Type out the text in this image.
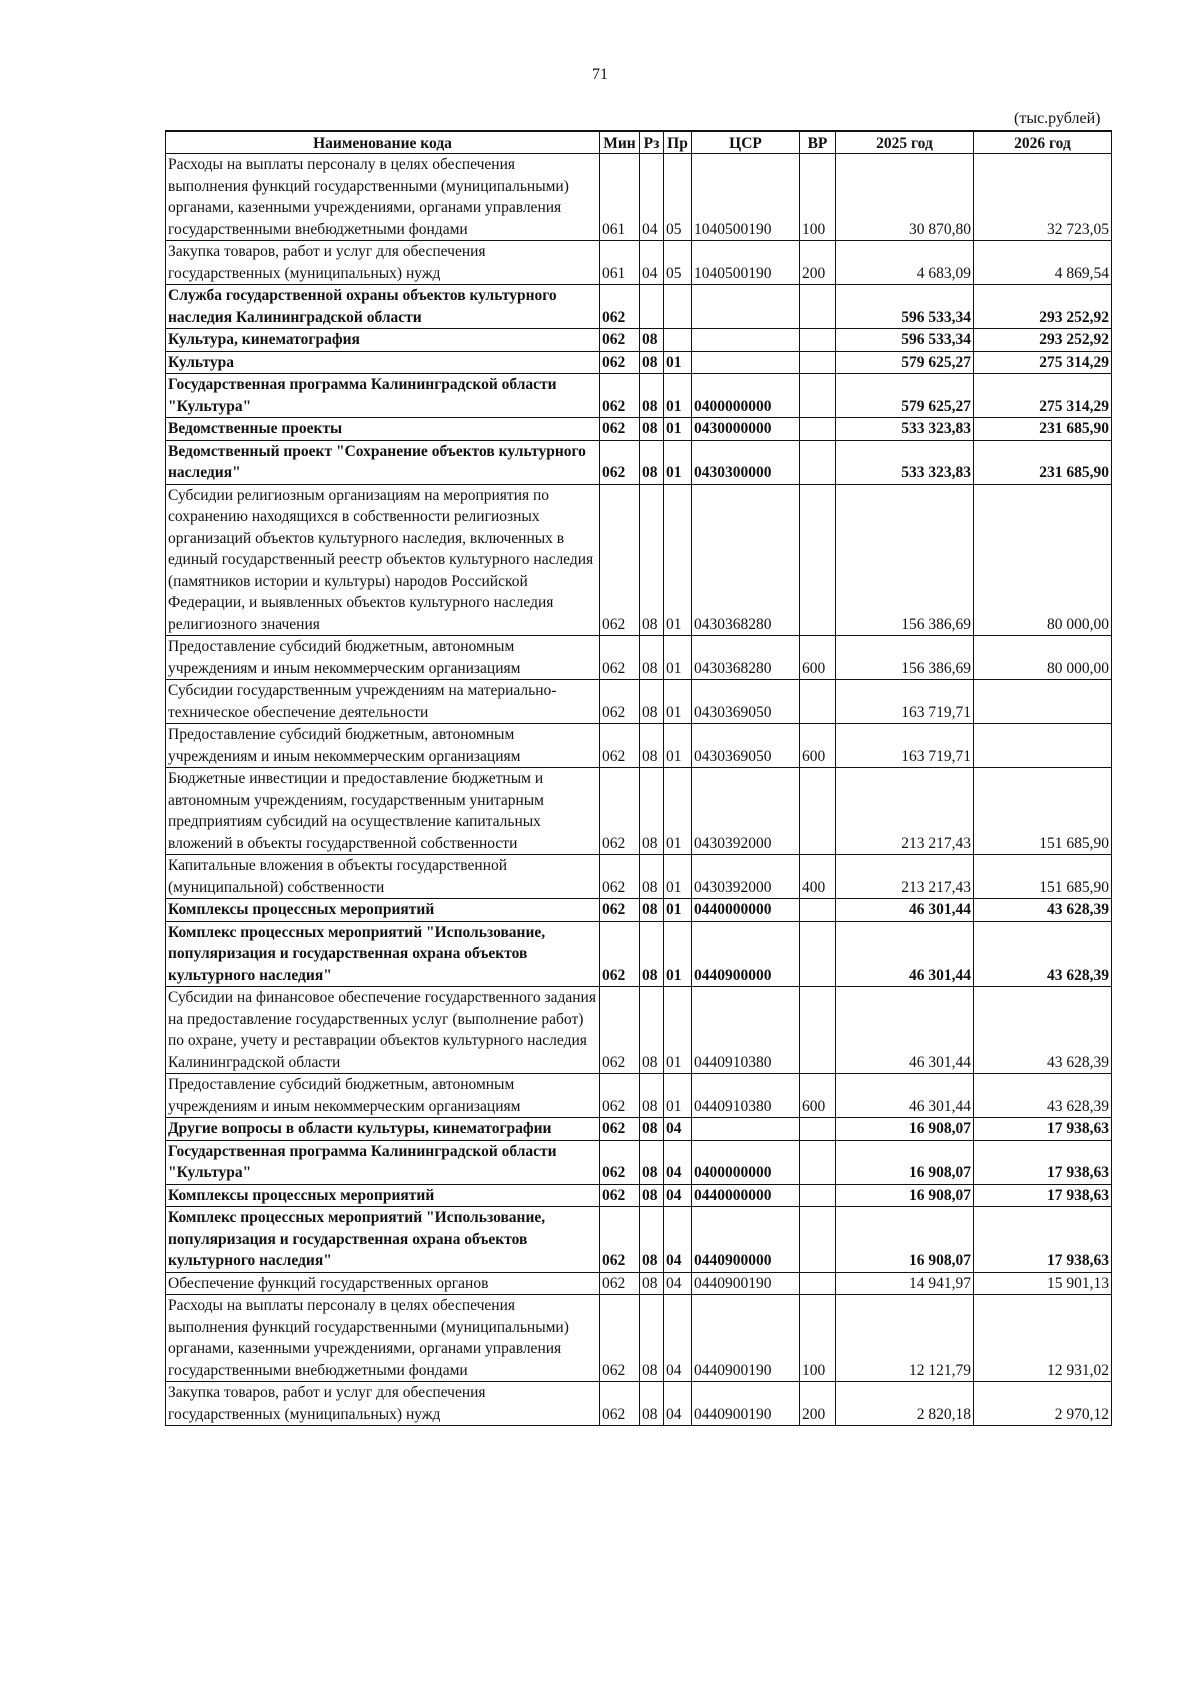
71
(тыс.рублей)
Наименование кода	Мин	Рз	Пр	ЦСР	ВР	2025 год	2026 год
Расходы на выплаты персоналу в целях обеспечения выполнения функций государственными (муниципальными) органами, казенными учреждениями, органами управления государственными внебюджетными фондами	061	04	05	1040500190	100	30 870,80	32 723,05
Закупка товаров, работ и услуг для обеспечения государственных (муниципальных) нужд	061	04	05	1040500190	200	4 683,09	4 869,54
Служба государственной охраны объектов культурного наследия Калининградской области	062					596 533,34	293 252,92
Культура, кинематография	062	08				596 533,34	293 252,92
Культура	062	08	01			579 625,27	275 314,29
Государственная программа Калининградской области "Культура"	062	08	01	0400000000		579 625,27	275 314,29
Ведомственные проекты	062	08	01	0430000000		533 323,83	231 685,90
Ведомственный проект "Сохранение объектов культурного наследия"	062	08	01	0430300000		533 323,83	231 685,90
Субсидии религиозным организациям на мероприятия по сохранению находящихся в собственности религиозных организаций объектов культурного наследия, включенных в единый государственный реестр объектов культурного наследия (памятников истории и культуры) народов Российской Федерации, и выявленных объектов культурного наследия религиозного значения	062	08	01	0430368280		156 386,69	80 000,00
Предоставление субсидий бюджетным, автономным учреждениям и иным некоммерческим организациям	062	08	01	0430368280	600	156 386,69	80 000,00
Субсидии государственным учреждениям на материально-техническое обеспечение деятельности	062	08	01	0430369050		163 719,71	
Предоставление субсидий бюджетным, автономным учреждениям и иным некоммерческим организациям	062	08	01	0430369050	600	163 719,71	
Бюджетные инвестиции и предоставление бюджетным и автономным учреждениям, государственным унитарным предприятиям субсидий на осуществление капитальных вложений в объекты государственной собственности	062	08	01	0430392000		213 217,43	151 685,90
Капитальные вложения в объекты государственной (муниципальной) собственности	062	08	01	0430392000	400	213 217,43	151 685,90
Комплексы процессных мероприятий	062	08	01	0440000000		46 301,44	43 628,39
Комплекс процессных мероприятий "Использование, популяризация и государственная охрана объектов культурного наследия"	062	08	01	0440900000		46 301,44	43 628,39
Субсидии на финансовое обеспечение государственного задания на предоставление государственных услуг (выполнение работ) по охране, учету и реставрации объектов культурного наследия Калининградской области	062	08	01	0440910380		46 301,44	43 628,39
Предоставление субсидий бюджетным, автономным учреждениям и иным некоммерческим организациям	062	08	01	0440910380	600	46 301,44	43 628,39
Другие вопросы в области культуры, кинематографии	062	08	04			16 908,07	17 938,63
Государственная программа Калининградской области "Культура"	062	08	04	0400000000		16 908,07	17 938,63
Комплексы процессных мероприятий	062	08	04	0440000000		16 908,07	17 938,63
Комплекс процессных мероприятий "Использование, популяризация и государственная охрана объектов культурного наследия"	062	08	04	0440900000		16 908,07	17 938,63
Обеспечение функций государственных органов	062	08	04	0440900190		14 941,97	15 901,13
Расходы на выплаты персоналу в целях обеспечения выполнения функций государственными (муниципальными) органами, казенными учреждениями, органами управления государственными внебюджетными фондами	062	08	04	0440900190	100	12 121,79	12 931,02
Закупка товаров, работ и услуг для обеспечения государственных (муниципальных) нужд	062	08	04	0440900190	200	2 820,18	2 970,12
